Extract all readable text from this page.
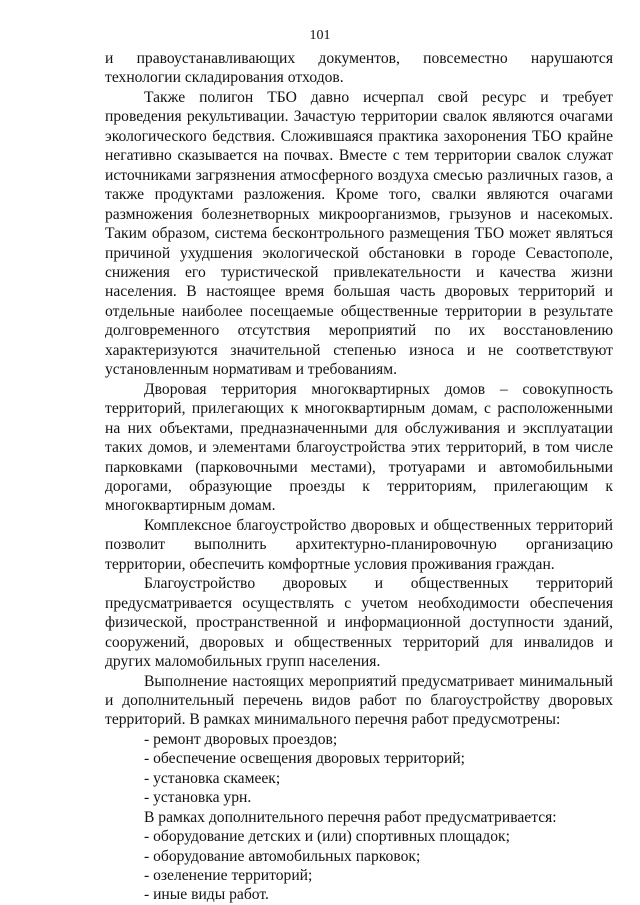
101

и правоустанавливающих документов, повсеместно нарушаются технологии складирования отходов.

Также полигон ТБО давно исчерпал свой ресурс и требует проведения рекультивации. Зачастую территории свалок являются очагами экологического бедствия. Сложившаяся практика захоронения ТБО крайне негативно сказывается на почвах. Вместе с тем территории свалок служат источниками загрязнения атмосферного воздуха смесью различных газов, а также продуктами разложения. Кроме того, свалки являются очагами размножения болезнетворных микроорганизмов, грызунов и насекомых. Таким образом, система бесконтрольного размещения ТБО может являться причиной ухудшения экологической обстановки в городе Севастополе, снижения его туристической привлекательности и качества жизни населения. В настоящее время большая часть дворовых территорий и отдельные наиболее посещаемые общественные территории в результате долговременного отсутствия мероприятий по их восстановлению характеризуются значительной степенью износа и не соответствуют установленным нормативам и требованиям.

Дворовая территория многоквартирных домов – совокупность территорий, прилегающих к многоквартирным домам, с расположенными на них объектами, предназначенными для обслуживания и эксплуатации таких домов, и элементами благоустройства этих территорий, в том числе парковками (парковочными местами), тротуарами и автомобильными дорогами, образующие проезды к территориям, прилегающим к многоквартирным домам.

Комплексное благоустройство дворовых и общественных территорий позволит выполнить архитектурно-планировочную организацию территории, обеспечить комфортные условия проживания граждан.

Благоустройство дворовых и общественных территорий предусматривается осуществлять с учетом необходимости обеспечения физической, пространственной и информационной доступности зданий, сооружений, дворовых и общественных территорий для инвалидов и других маломобильных групп населения.

Выполнение настоящих мероприятий предусматривает минимальный и дополнительный перечень видов работ по благоустройству дворовых территорий. В рамках минимального перечня работ предусмотрены:

- ремонт дворовых проездов;

- обеспечение освещения дворовых территорий;

- установка скамеек;

- установка урн.

В рамках дополнительного перечня работ предусматривается:

- оборудование детских и (или) спортивных площадок;

- оборудование автомобильных парковок;

- озеленение территорий;

- иные виды работ.
